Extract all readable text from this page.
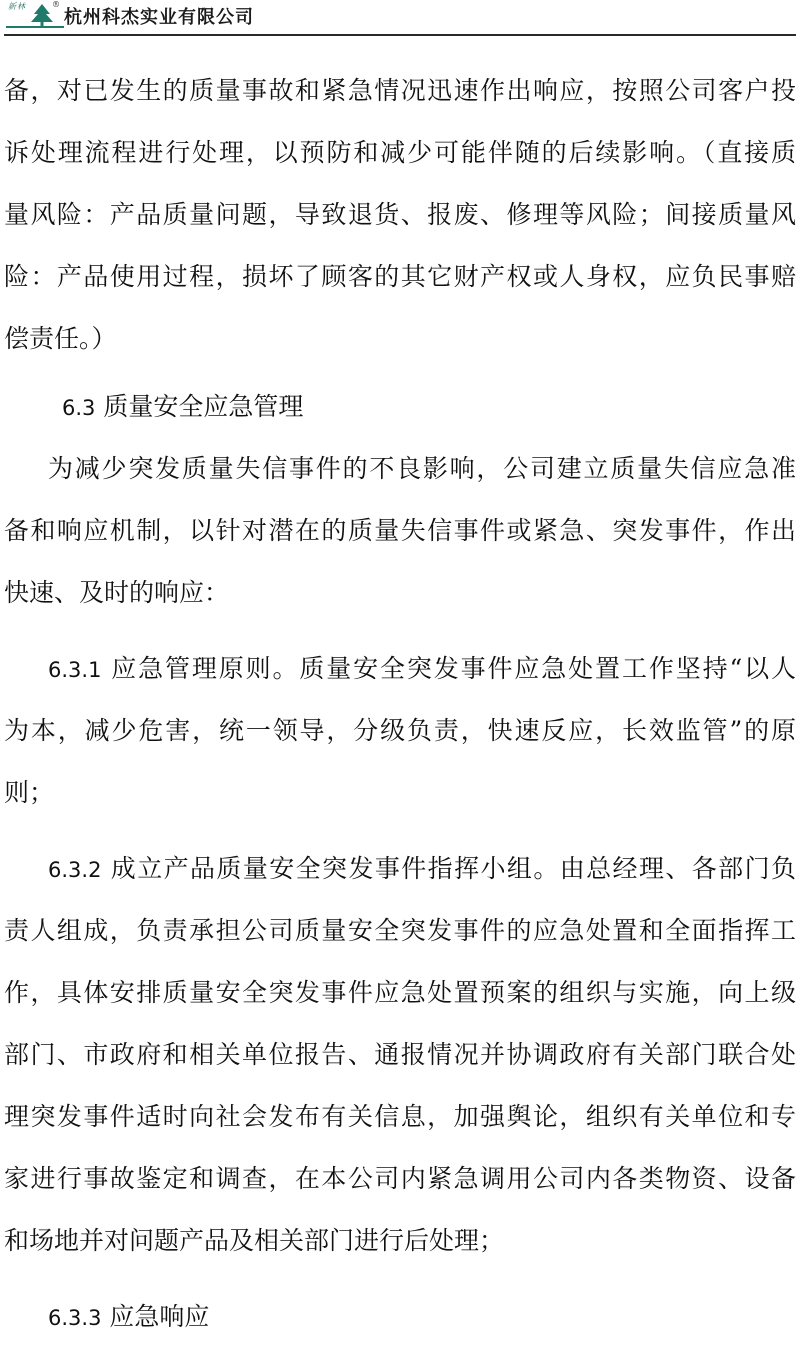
新林	®
杭州科杰实业有限公司
备，对已发生的质量事故和紧急情况迅速作出响应，按照公司客户投
诉处理流程进行处理，以预防和减少可能伴随的后续影响。（直接质
量风险：产品质量问题，导致退货、报废、修理等风险；间接质量风
险：产品使用过程，损坏了顾客的其它财产权或人身权，应负民事赔
偿责任。）
6.3 质量安全应急管理
为减少突发质量失信事件的不良影响，公司建立质量失信应急准
备和响应机制，以针对潜在的质量失信事件或紧急、突发事件，作出
快速、及时的响应：
6.3.1 应急管理原则。质量安全突发事件应急处置工作坚持“以人
为本，减少危害，统一领导，分级负责，快速反应，长效监管”的原
则；
6.3.2 成立产品质量安全突发事件指挥小组。由总经理、各部门负
责人组成，负责承担公司质量安全突发事件的应急处置和全面指挥工
作，具体安排质量安全突发事件应急处置预案的组织与实施，向上级
部门、市政府和相关单位报告、通报情况并协调政府有关部门联合处
理突发事件适时向社会发布有关信息，加强舆论，组织有关单位和专
家进行事故鉴定和调查，在本公司内紧急调用公司内各类物资、设备
和场地并对问题产品及相关部门进行后处理；
6.3.3 应急响应
